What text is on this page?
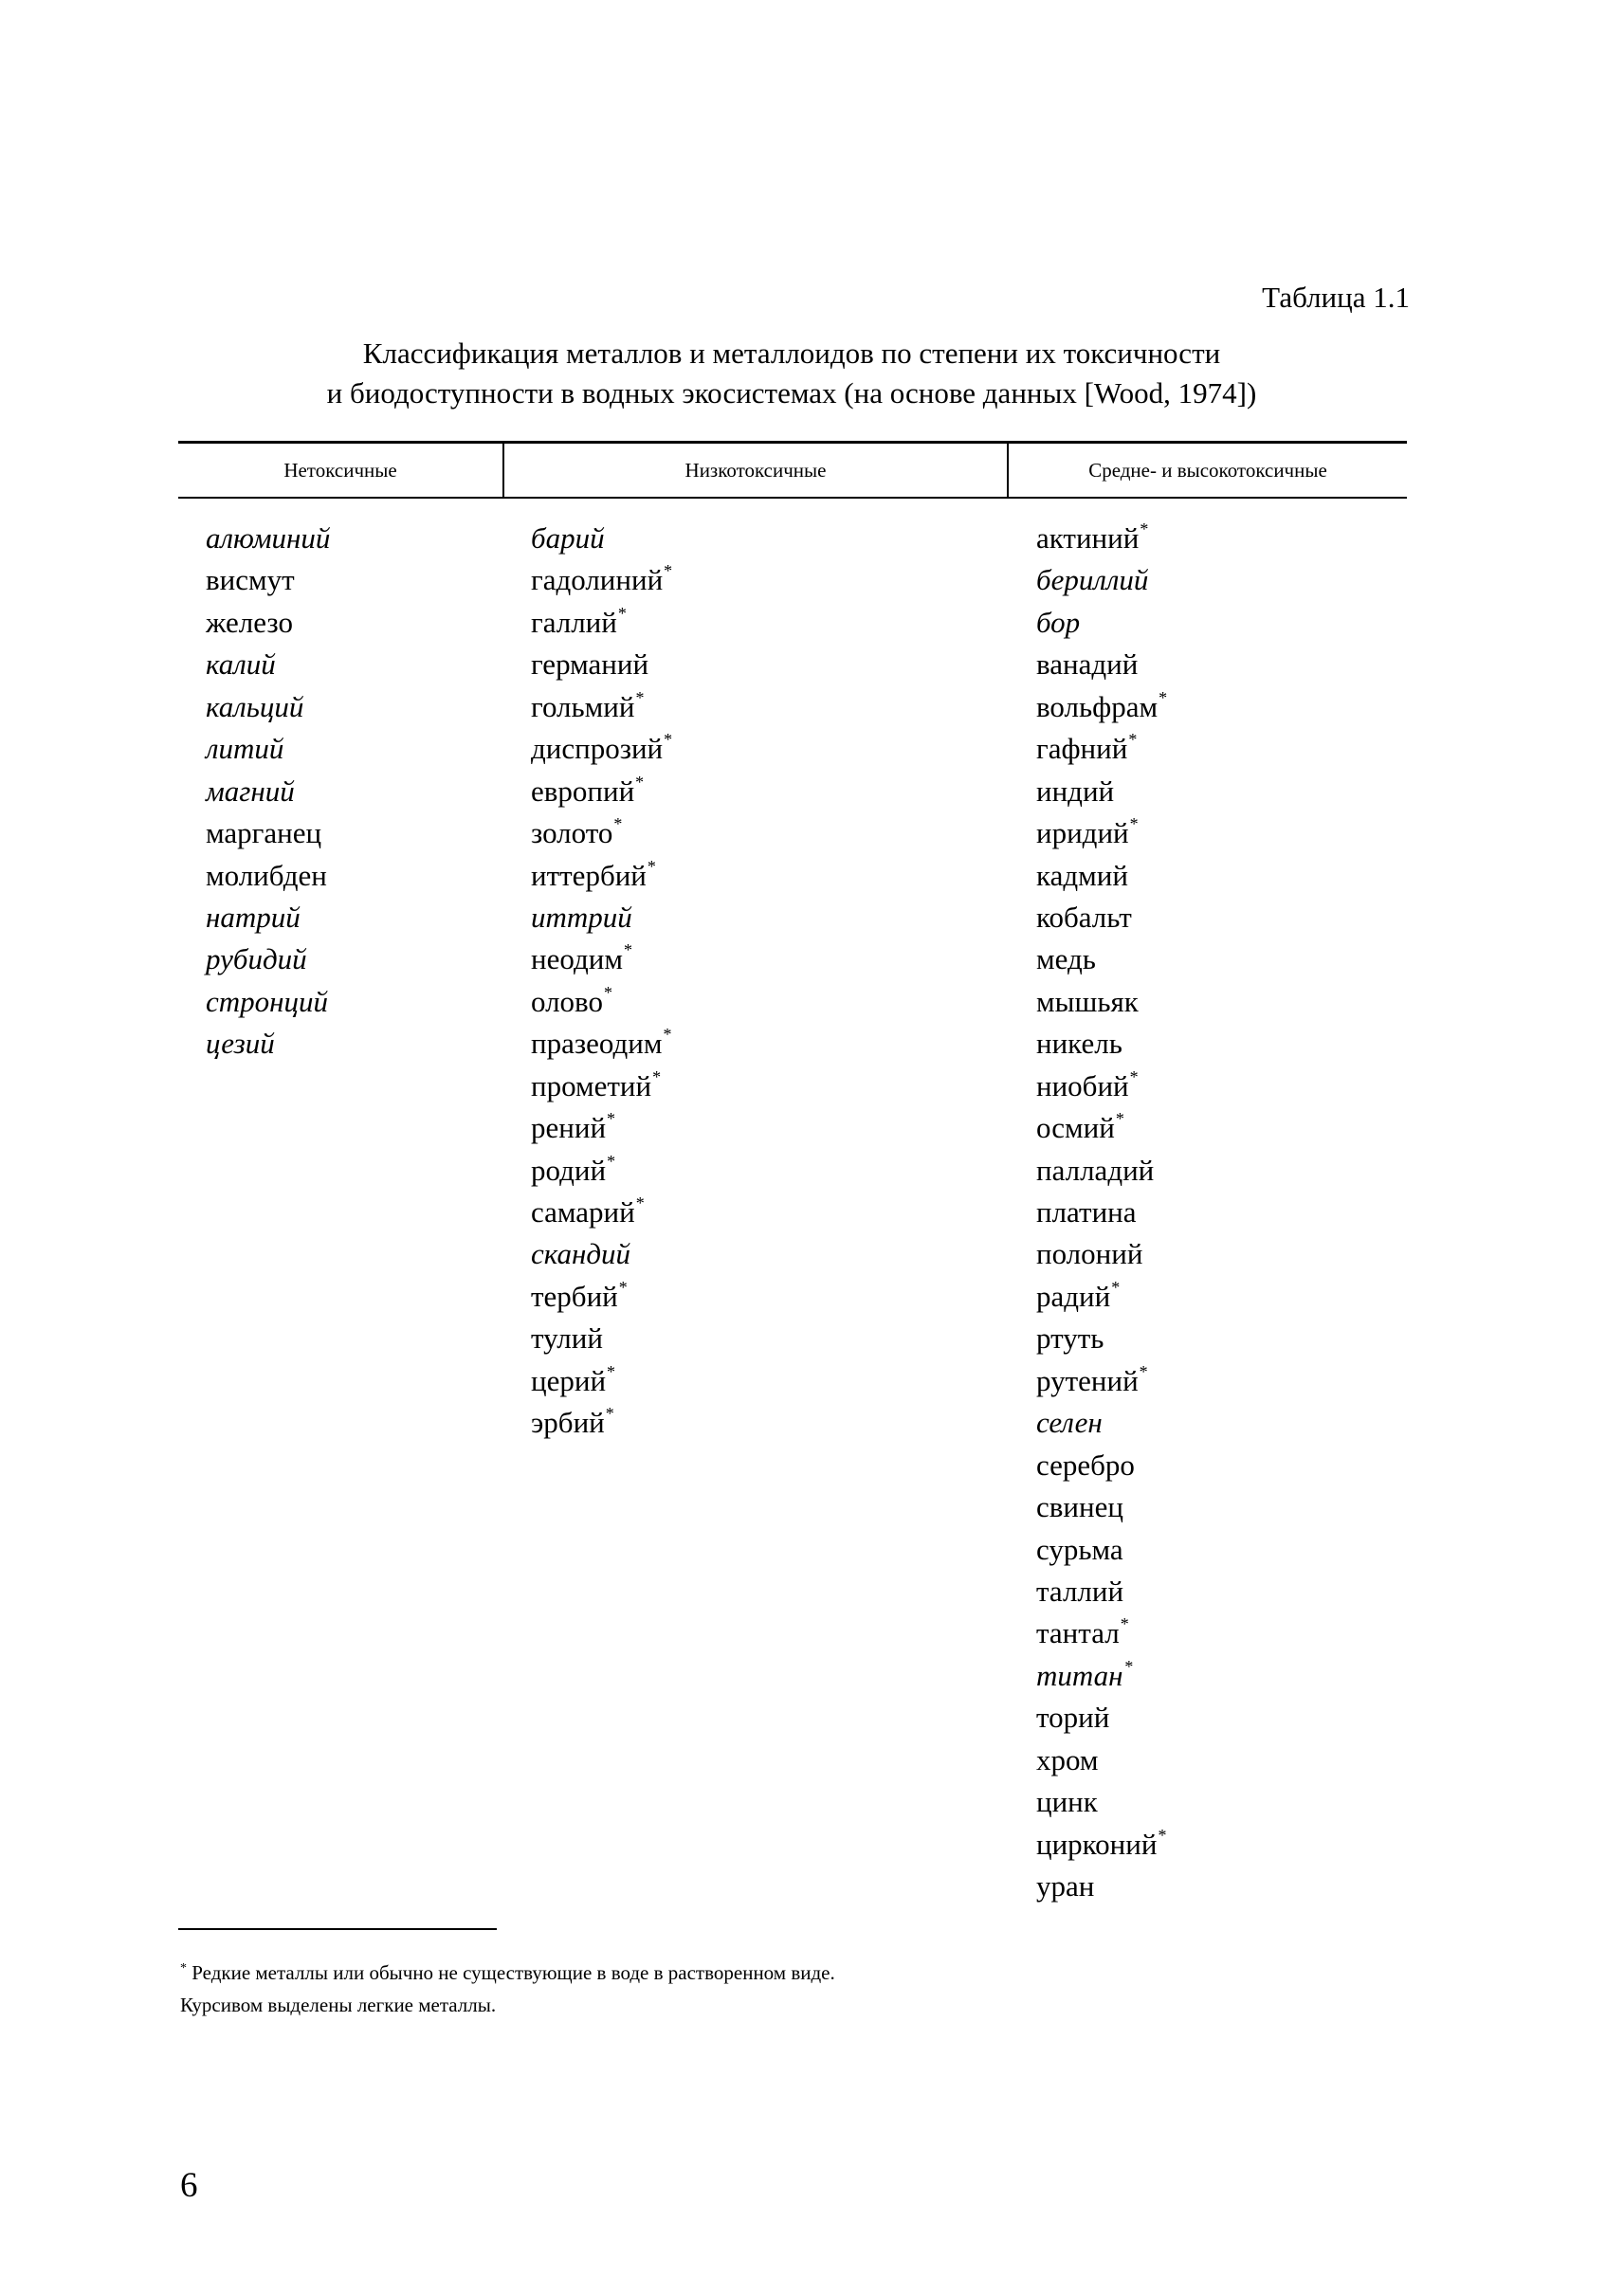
Таблица 1.1
Классификация металлов и металлоидов по степени их токсичности
и биодоступности в водных экосистемах (на основе данных [Wood, 1974])
Нетоксичные	Низкотоксичные	Средне- и высокотоксичные
алюминий
висмут
железо
калий
кальций
литий
магний
марганец
молибден
натрий
рубидий
стронций
цезий
барий
гадолиний*
галлий*
германий
гольмий*
диспрозий*
европий*
золото*
иттербий*
иттрий
неодим*
олово*
празеодим*
прометий*
рений*
родий*
самарий*
скандий
тербий*
тулий
церий*
эрбий*
актиний*
бериллий
бор
ванадий
вольфрам*
гафний*
индий
иридий*
кадмий
кобальт
медь
мышьяк
никель
ниобий*
осмий*
палладий
платина
полоний
радий*
ртуть
рутений*
селен
серебро
свинец
сурьма
таллий
тантал*
титан*
торий
хром
цинк
цирконий*
уран
* Редкие металлы или обычно не существующие в воде в растворенном виде.
Курсивом выделены легкие металлы.
6
